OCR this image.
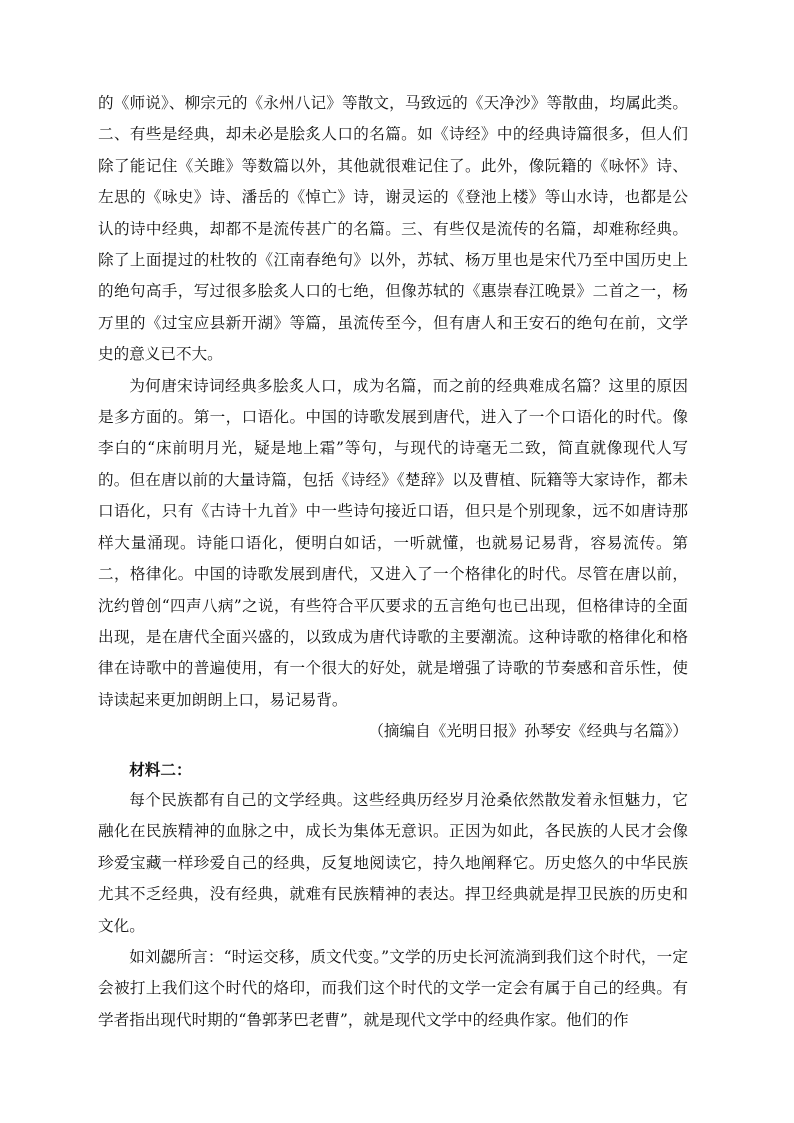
的《师说》、柳宗元的《永州八记》等散文，马致远的《天净沙》等散曲，均属此类。二、有些是经典，却未必是脍炙人口的名篇。如《诗经》中的经典诗篇很多，但人们除了能记住《关雎》等数篇以外，其他就很难记住了。此外，像阮籍的《咏怀》诗、左思的《咏史》诗、潘岳的《悼亡》诗，谢灵运的《登池上楼》等山水诗，也都是公认的诗中经典，却都不是流传甚广的名篇。三、有些仅是流传的名篇，却难称经典。除了上面提过的杜牧的《江南春绝句》以外，苏轼、杨万里也是宋代乃至中国历史上的绝句高手，写过很多脍炙人口的七绝，但像苏轼的《惠崇春江晚景》二首之一，杨万里的《过宝应县新开湖》等篇，虽流传至今，但有唐人和王安石的绝句在前，文学史的意义已不大。

为何唐宋诗词经典多脍炙人口，成为名篇，而之前的经典难成名篇？这里的原因是多方面的。第一，口语化。中国的诗歌发展到唐代，进入了一个口语化的时代。像李白的“床前明月光，疑是地上霜”等句，与现代的诗毫无二致，简直就像现代人写的。但在唐以前的大量诗篇，包括《诗经》《楚辞》以及曹植、阮籍等大家诗作，都未口语化，只有《古诗十九首》中一些诗句接近口语，但只是个别现象，远不如唐诗那样大量涌现。诗能口语化，便明白如话，一听就懂，也就易记易背，容易流传。第二，格律化。中国的诗歌发展到唐代，又进入了一个格律化的时代。尽管在唐以前，沈约曾创“四声八病”之说，有些符合平仄要求的五言绝句也已出现，但格律诗的全面出现，是在唐代全面兴盛的，以致成为唐代诗歌的主要潮流。这种诗歌的格律化和格律在诗歌中的普遍使用，有一个很大的好处，就是增强了诗歌的节奏感和音乐性，使诗读起来更加朗朗上口，易记易背。

（摘编自《光明日报》孙琴安《经典与名篇》）

材料二：

每个民族都有自己的文学经典。这些经典历经岁月沧桑依然散发着永恒魅力，它融化在民族精神的血脉之中，成长为集体无意识。正因为如此，各民族的人民才会像珍爱宝藏一样珍爱自己的经典，反复地阅读它，持久地阐释它。历史悠久的中华民族尤其不乏经典，没有经典，就难有民族精神的表达。捍卫经典就是捍卫民族的历史和文化。

如刘勰所言：“时运交移，质文代变。”文学的历史长河流淌到我们这个时代，一定会被打上我们这个时代的烙印，而我们这个时代的文学一定会有属于自己的经典。有学者指出现代时期的“鲁郭茅巴老曹”，就是现代文学中的经典作家。他们的作
